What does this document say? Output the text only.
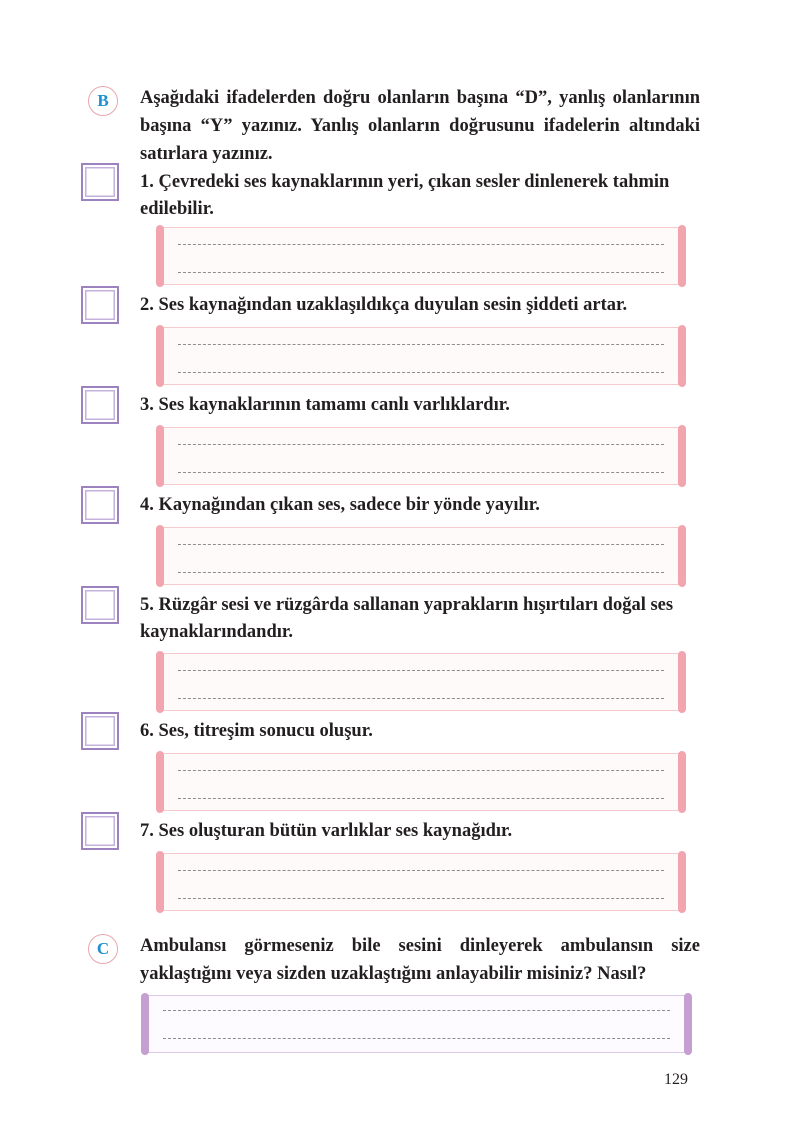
B Aşağıdaki ifadelerden doğru olanların başına “D”, yanlış olanlarının başına “Y” yazınız. Yanlış olanların doğrusunu ifadelerin altındaki satırlara yazınız.

1. Çevredeki ses kaynaklarının yeri, çıkan sesler dinlenerek tahmin edilebilir.

2. Ses kaynağından uzaklaşıldıkça duyulan sesin şiddeti artar.

3. Ses kaynaklarının tamamı canlı varlıklardır.

4. Kaynağından çıkan ses, sadece bir yönde yayılır.

5. Rüzgâr sesi ve rüzgârda sallanan yaprakların hışırtıları doğal ses kaynaklarındandır.

6. Ses, titreşim sonucu oluşur.

7. Ses oluşturan bütün varlıklar ses kaynağıdır.

C Ambulansı görmeseniz bile sesini dinleyerek ambulansın size yaklaştığını veya sizden uzaklaştığını anlayabilir misiniz? Nasıl?

129
